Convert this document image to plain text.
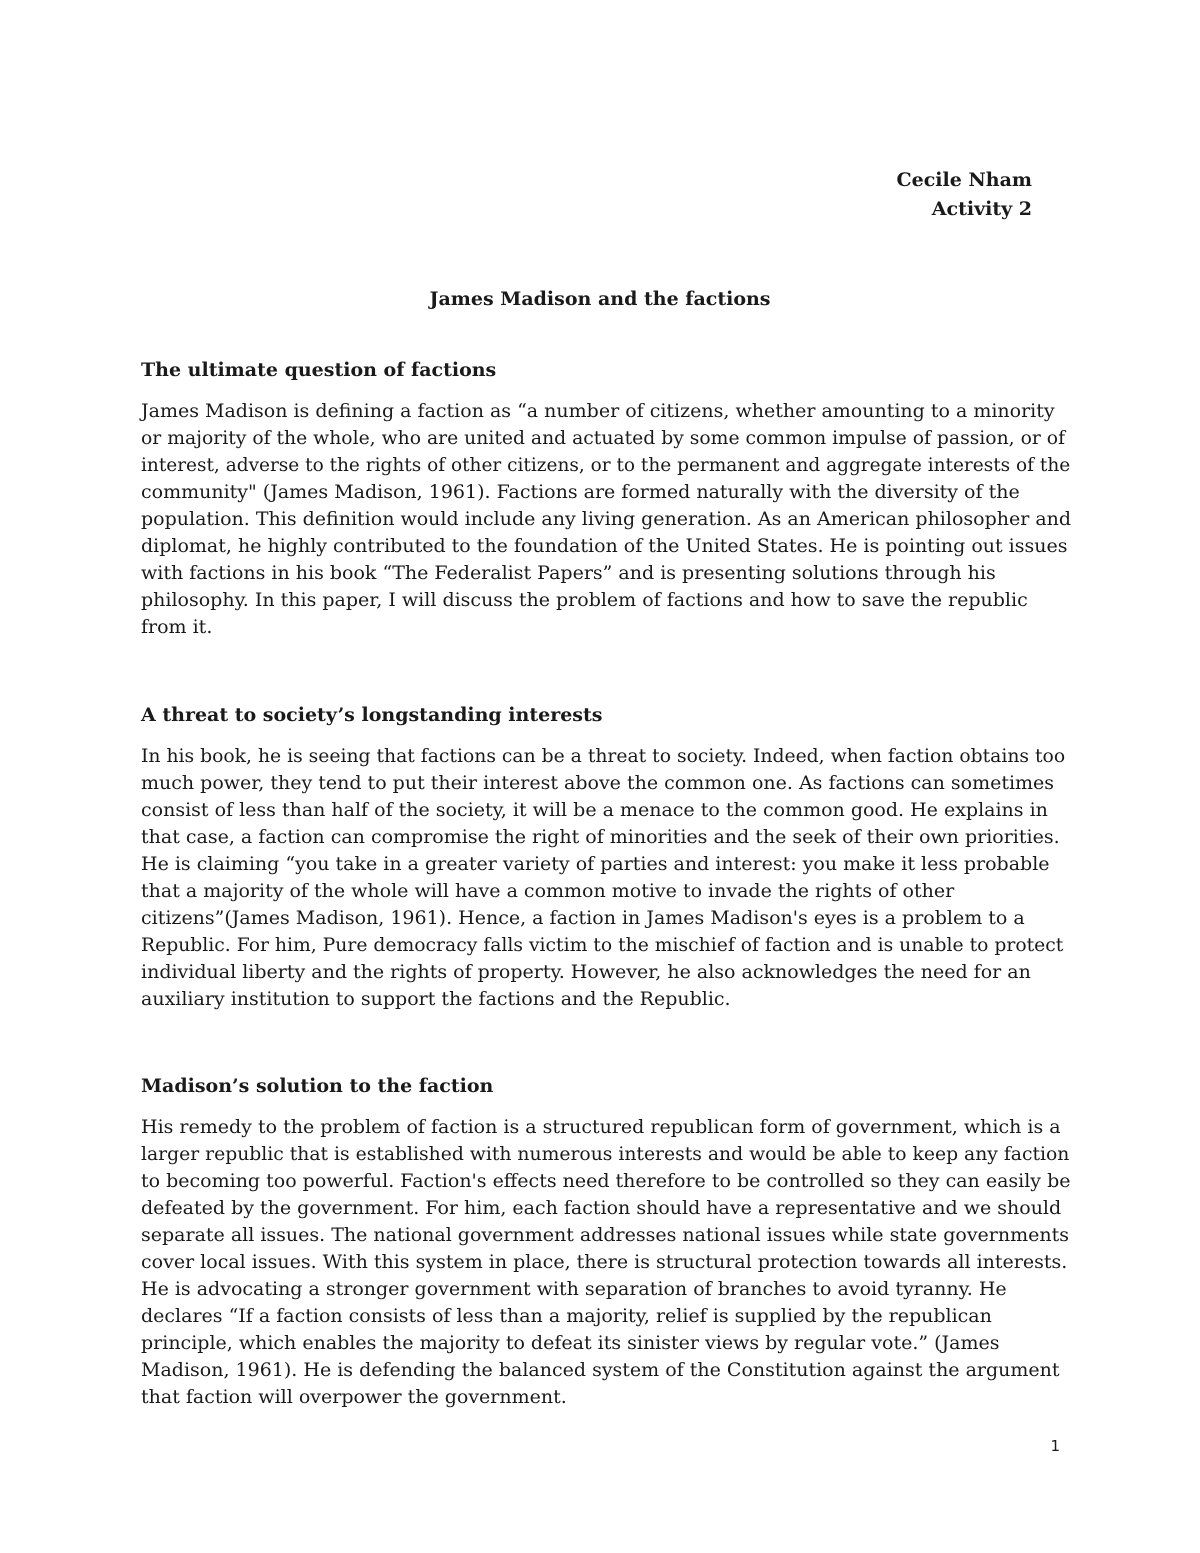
Cecile Nham
Activity 2
James Madison and the factions
The ultimate question of factions
James Madison is defining a faction as “a number of citizens, whether amounting to a minority
or majority of the whole, who are united and actuated by some common impulse of passion, or of
interest, adverse to the rights of other citizens, or to the permanent and aggregate interests of the
community" (James Madison, 1961). Factions are formed naturally with the diversity of the
population. This definition would include any living generation. As an American philosopher and
diplomat, he highly contributed to the foundation of the United States. He is pointing out issues
with factions in his book “The Federalist Papers” and is presenting solutions through his
philosophy. In this paper, I will discuss the problem of factions and how to save the republic
from it.
A threat to society’s longstanding interests
In his book, he is seeing that factions can be a threat to society. Indeed, when faction obtains too
much power, they tend to put their interest above the common one. As factions can sometimes
consist of less than half of the society, it will be a menace to the common good. He explains in
that case, a faction can compromise the right of minorities and the seek of their own priorities.
He is claiming “you take in a greater variety of parties and interest: you make it less probable
that a majority of the whole will have a common motive to invade the rights of other
citizens”(James Madison, 1961). Hence, a faction in James Madison's eyes is a problem to a
Republic. For him, Pure democracy falls victim to the mischief of faction and is unable to protect
individual liberty and the rights of property. However, he also acknowledges the need for an
auxiliary institution to support the factions and the Republic.
Madison’s solution to the faction
His remedy to the problem of faction is a structured republican form of government, which is a
larger republic that is established with numerous interests and would be able to keep any faction
to becoming too powerful. Faction's effects need therefore to be controlled so they can easily be
defeated by the government. For him, each faction should have a representative and we should
separate all issues. The national government addresses national issues while state governments
cover local issues. With this system in place, there is structural protection towards all interests.
He is advocating a stronger government with separation of branches to avoid tyranny. He
declares “If a faction consists of less than a majority, relief is supplied by the republican
principle, which enables the majority to defeat its sinister views by regular vote.” (James
Madison, 1961). He is defending the balanced system of the Constitution against the argument
that faction will overpower the government.
1
